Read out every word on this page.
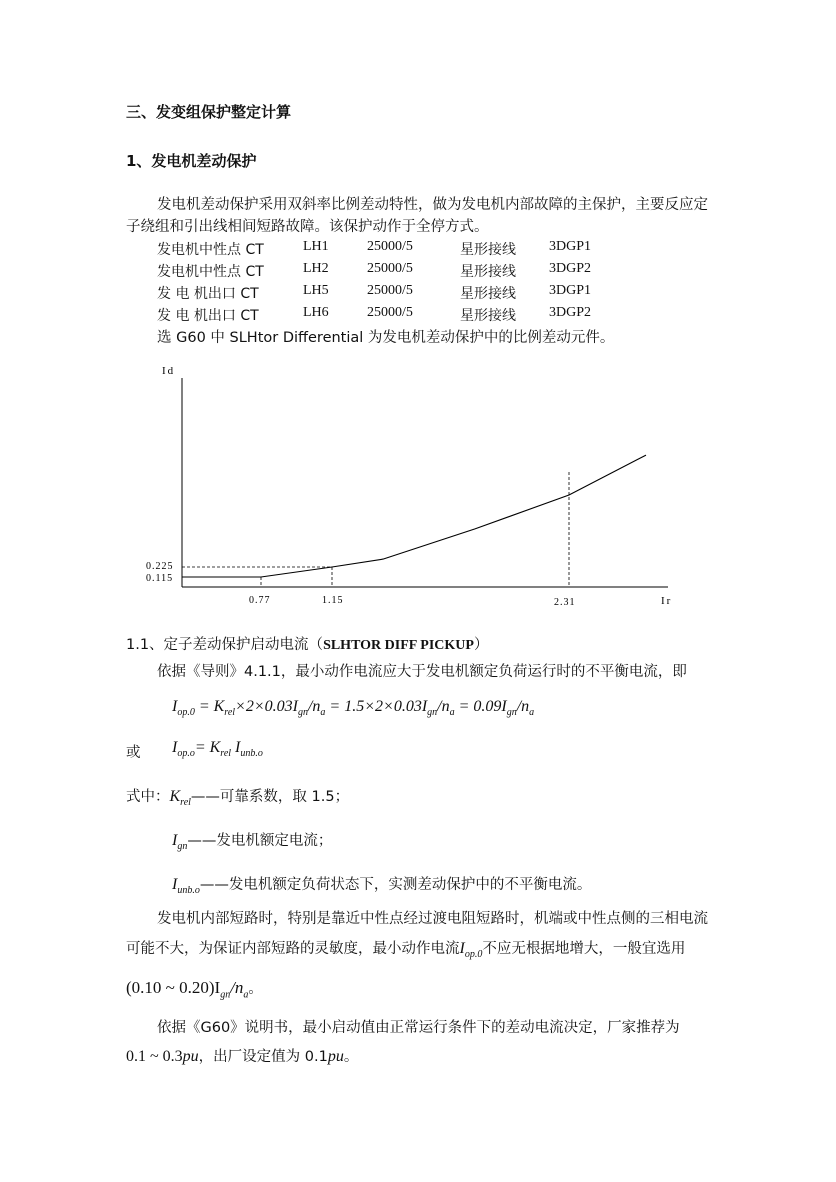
三、发变组保护整定计算
1、发电机差动保护
发电机差动保护采用双斜率比例差动特性，做为发电机内部故障的主保护，主要反应定
子绕组和引出线相间短路故障。该保护动作于全停方式。
发电机中性点 CT	LH1	25000/5	星形接线 3DGP1
发电机中性点 CT	LH2	25000/5	星形接线 3DGP2
发 电 机出口 CT	LH5	25000/5	星形接线 3DGP1
发 电 机出口 CT	LH6	25000/5	星形接线 3DGP2
选 G60 中 SLHtor Differential 为发电机差动保护中的比例差动元件。
Id
Ir
0.225
0.115
0.77	1.15	2.31
1.1、定子差动保护启动电流（SLHTOR DIFF PICKUP）
依据《导则》4.1.1，最小动作电流应大于发电机额定负荷运行时的不平衡电流，即
$I_{op.0} = K_{rel}\times 2\times 0.03I_{gn}/n_a = 1.5\times 2\times 0.03I_{gn}/n_a = 0.09I_{gn}/n_a$
或 $I_{op.o}= K_{rel}$ $I_{unb.o}$
式中：$K_{rel}——$可靠系数，取 1.5；
$I_{gn}——$发电机额定电流；
$I_{unb.o}——$发电机额定负荷状态下，实测差动保护中的不平衡电流。
发电机内部短路时，特别是靠近中性点经过渡电阻短路时，机端或中性点侧的三相电流
可能不大，为保证内部短路的灵敏度，最小动作电流$I_{op.0}$不应无根据地增大，一般宜选用
(0.10 ~ $0.20)I_{gn}/n_a$。
依据《G60》说明书，最小启动值由正常运行条件下的差动电流决定，厂家推荐为
0.1 ~ 0.3pu，出厂设定值为 0.1pu。
